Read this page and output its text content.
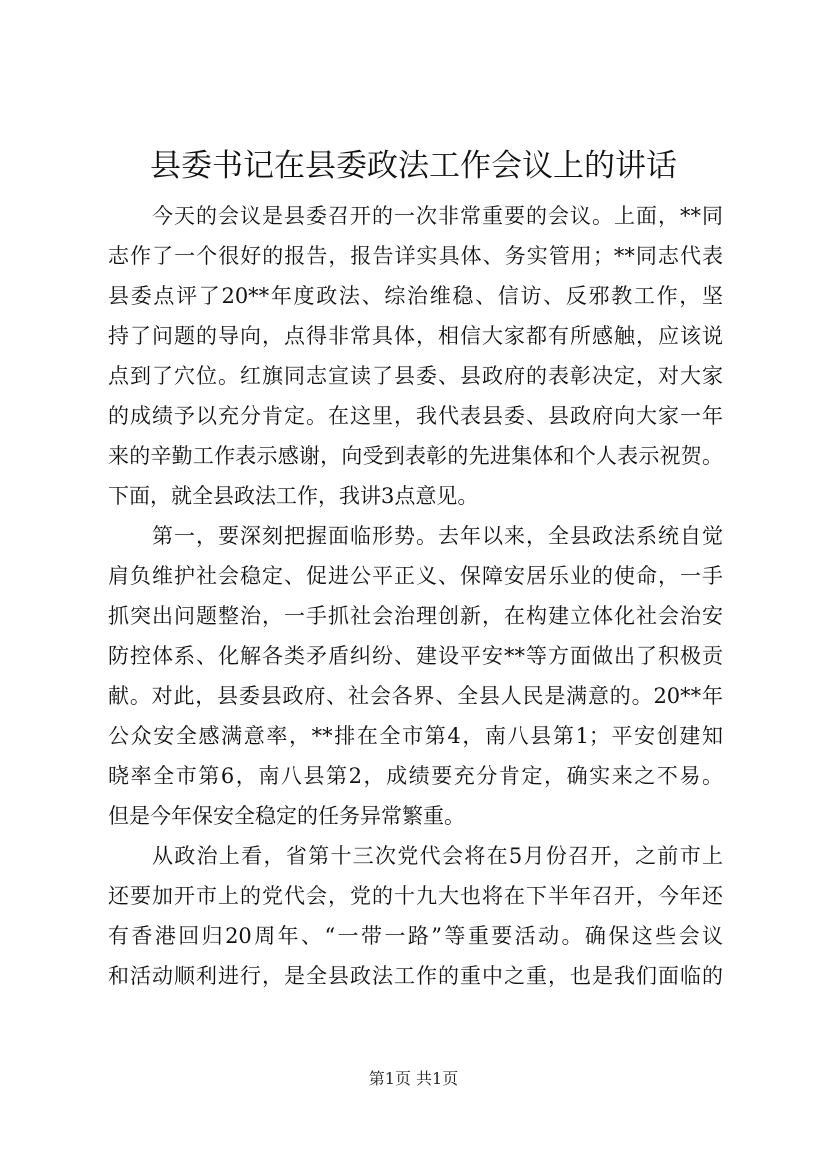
县委书记在县委政法工作会议上的讲话

今天的会议是县委召开的一次非常重要的会议。上面，**同
志作了一个很好的报告，报告详实具体、务实管用；**同志代表
县委点评了20**年度政法、综治维稳、信访、反邪教工作，坚
持了问题的导向，点得非常具体，相信大家都有所感触，应该说
点到了穴位。红旗同志宣读了县委、县政府的表彰决定，对大家
的成绩予以充分肯定。在这里，我代表县委、县政府向大家一年
来的辛勤工作表示感谢，向受到表彰的先进集体和个人表示祝贺。
下面，就全县政法工作，我讲3点意见。

第一，要深刻把握面临形势。去年以来，全县政法系统自觉
肩负维护社会稳定、促进公平正义、保障安居乐业的使命，一手
抓突出问题整治，一手抓社会治理创新，在构建立体化社会治安
防控体系、化解各类矛盾纠纷、建设平安**等方面做出了积极贡
献。对此，县委县政府、社会各界、全县人民是满意的。20**年
公众安全感满意率，**排在全市第4，南八县第1；平安创建知
晓率全市第6，南八县第2，成绩要充分肯定，确实来之不易。
但是今年保安全稳定的任务异常繁重。

从政治上看，省第十三次党代会将在5月份召开，之前市上
还要加开市上的党代会，党的十九大也将在下半年召开，今年还
有香港回归20周年、“一带一路”等重要活动。确保这些会议
和活动顺利进行，是全县政法工作的重中之重，也是我们面临的

第1页 共1页
